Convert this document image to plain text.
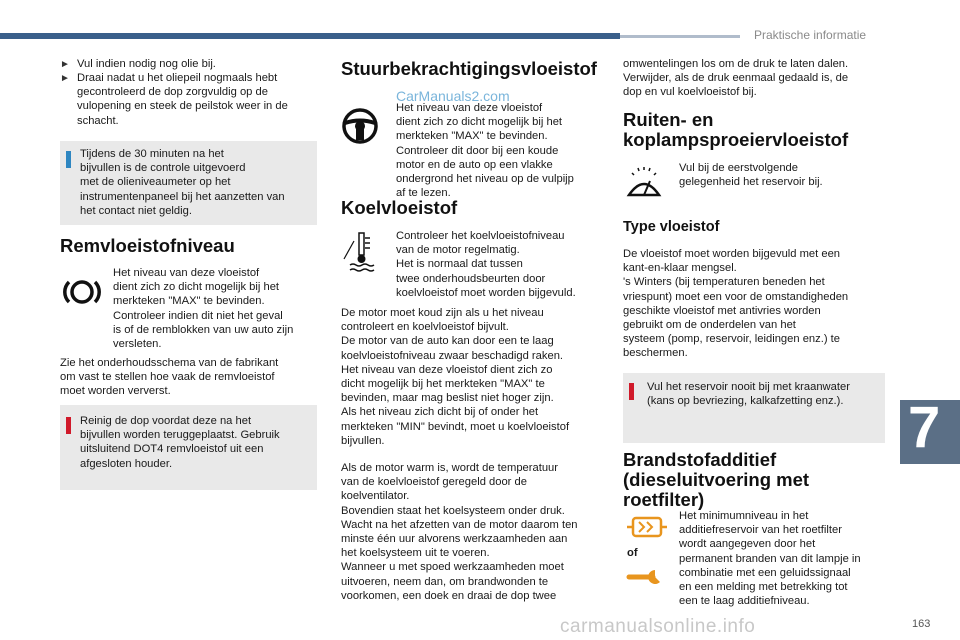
Praktische informatie
► Vul indien nodig nog olie bij.
► Draai nadat u het oliepeil nogmaals hebt
gecontroleerd de dop zorgvuldig op de
vulopening en steek de peilstok weer in de
schacht.
Tijdens de 30 minuten na het
bijvullen is de controle uitgevoerd
met de olieniveaumeter op het
instrumentenpaneel bij het aanzetten van
het contact niet geldig.
Remvloeistofniveau
Het niveau van deze vloeistof
dient zich zo dicht mogelijk bij het
merkteken "MAX" te bevinden.
Controleer indien dit niet het geval
is of de remblokken van uw auto zijn
versleten.
Zie het onderhoudsschema van de fabrikant
om vast te stellen hoe vaak de remvloeistof
moet worden ververst.
Reinig de dop voordat deze na het
bijvullen worden teruggeplaatst. Gebruik
uitsluitend DOT4 remvloeistof uit een
afgesloten houder.
Stuurbekrachtigingsvloeistof
CarManuals2.com
Het niveau van deze vloeistof
dient zich zo dicht mogelijk bij het
merkteken "MAX" te bevinden.
Controleer dit door bij een koude
motor en de auto op een vlakke
ondergrond het niveau op de vulpijp
af te lezen.
Koelvloeistof
Controleer het koelvloeistofniveau
van de motor regelmatig.
Het is normaal dat tussen
twee onderhoudsbeurten door
koelvloeistof moet worden bijgevuld.
De motor moet koud zijn als u het niveau
controleert en koelvloeistof bijvult.
De motor van de auto kan door een te laag
koelvloeistofniveau zwaar beschadigd raken.
Het niveau van deze vloeistof dient zich zo
dicht mogelijk bij het merkteken "MAX" te
bevinden, maar mag beslist niet hoger zijn.
Als het niveau zich dicht bij of onder het
merkteken "MIN" bevindt, moet u koelvloeistof
bijvullen.
Als de motor warm is, wordt de temperatuur
van de koelvloeistof geregeld door de
koelventilator.
Bovendien staat het koelsysteem onder druk.
Wacht na het afzetten van de motor daarom ten
minste één uur alvorens werkzaamheden aan
het koelsysteem uit te voeren.
Wanneer u met spoed werkzaamheden moet
uitvoeren, neem dan, om brandwonden te
voorkomen, een doek en draai de dop twee
omwentelingen los om de druk te laten dalen.
Verwijder, als de druk eenmaal gedaald is, de
dop en vul koelvloeistof bij.
Ruiten- en
koplampsproeiervloeistof
Vul bij de eerstvolgende
gelegenheid het reservoir bij.
Type vloeistof
De vloeistof moet worden bijgevuld met een
kant-en-klaar mengsel.
's Winters (bij temperaturen beneden het
vriespunt) moet een voor de omstandigheden
geschikte vloeistof met antivries worden
gebruikt om de onderdelen van het
systeem (pomp, reservoir, leidingen enz.) te
beschermen.
Vul het reservoir nooit bij met kraanwater
(kans op bevriezing, kalkafzetting enz.).
Brandstofadditief
(dieseluitvoering met
roetfilter)
of
Het minimumniveau in het
additiefreservoir van het roetfilter
wordt aangegeven door het
permanent branden van dit lampje in
combinatie met een geluidssignaal
en een melding met betrekking tot
een te laag additiefniveau.
7
carmanualsonline.info	163
